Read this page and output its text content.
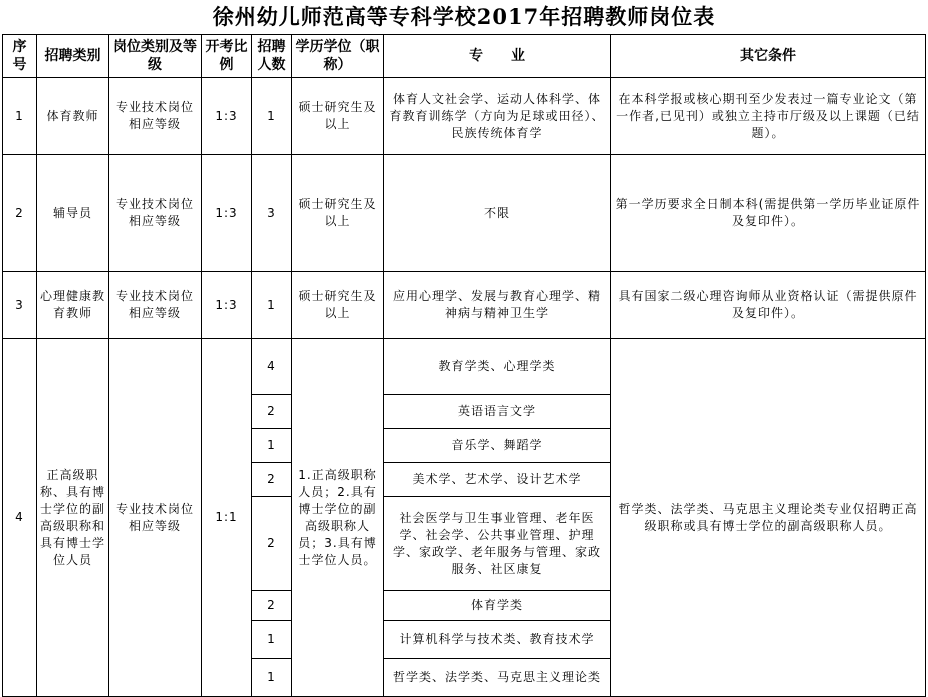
徐州幼儿师范高等专科学校2017年招聘教师岗位表
序号	招聘类别	岗位类别及等级	开考比例	招聘人数	学历学位（职称）	专　　业	其它条件
1	体育教师	专业技术岗位相应等级	1:3	1	硕士研究生及以上	体育人文社会学、运动人体科学、体育教育训练学（方向为足球或田径）、民族传统体育学	在本科学报或核心期刊至少发表过一篇专业论文（第一作者,已见刊）或独立主持市厅级及以上课题（已结题）。
2	辅导员	专业技术岗位相应等级	1:3	3	硕士研究生及以上	不限	第一学历要求全日制本科(需提供第一学历毕业证原件及复印件）。
3	心理健康教育教师	专业技术岗位相应等级	1:3	1	硕士研究生及以上	应用心理学、发展与教育心理学、精神病与精神卫生学	具有国家二级心理咨询师从业资格认证（需提供原件及复印件）。
4	正高级职称、具有博士学位的副高级职称和具有博士学位人员	专业技术岗位相应等级	1:1	4	1.正高级职称人员；2.具有博士学位的副高级职称人员；3.具有博士学位人员。	教育学类、心理学类	哲学类、法学类、马克思主义理论类专业仅招聘正高级职称或具有博士学位的副高级职称人员。
				2		英语语言文学	
				1		音乐学、舞蹈学	
				2		美术学、艺术学、设计艺术学	
				2		社会医学与卫生事业管理、老年医学、社会学、公共事业管理、护理学、家政学、老年服务与管理、家政服务、社区康复	
				2		体育学类	
				1		计算机科学与技术类、教育技术学	
				1		哲学类、法学类、马克思主义理论类	
